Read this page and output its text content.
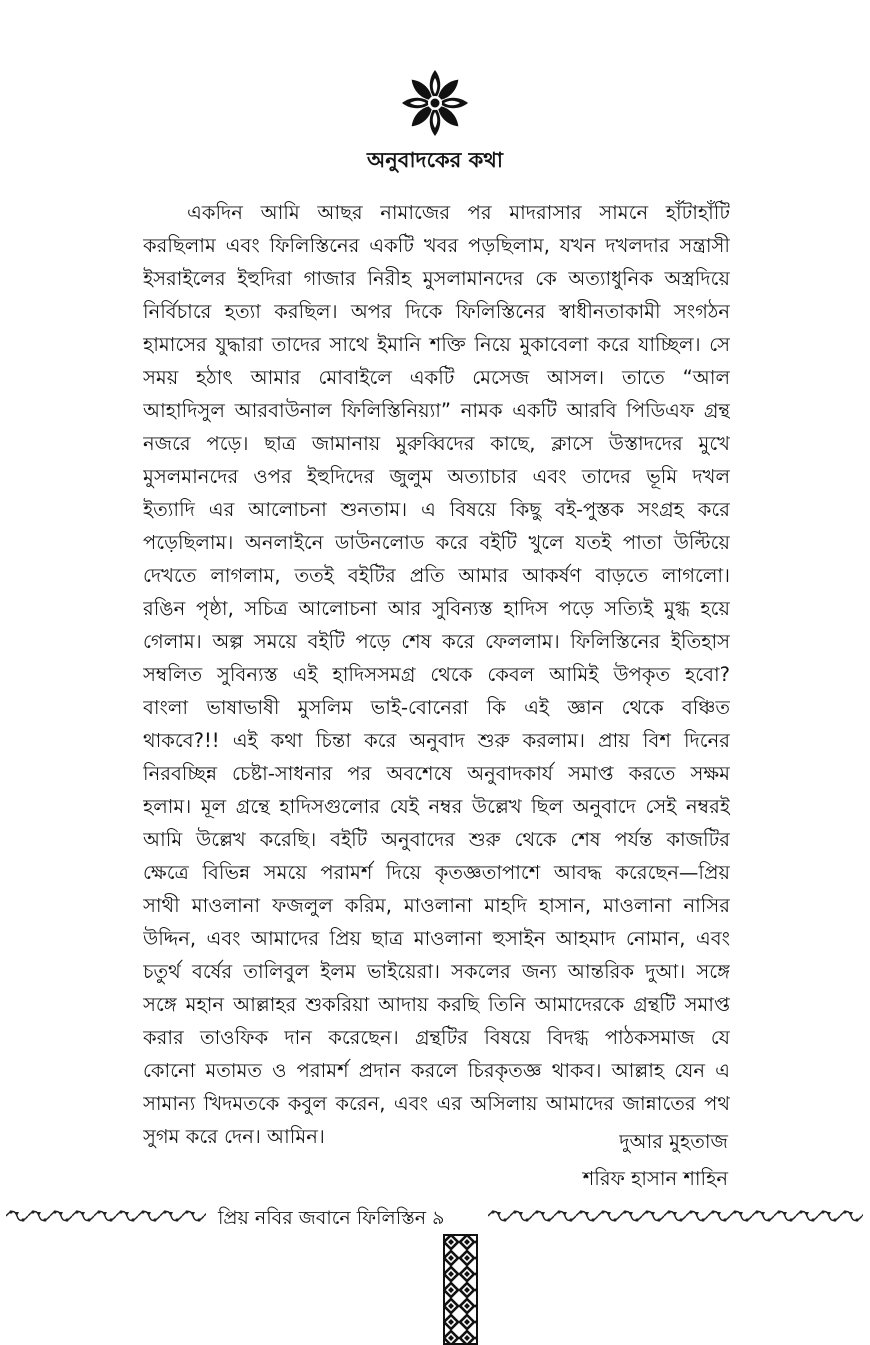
অনুবাদকের কথা
একদিন আমি আছর নামাজের পর মাদরাসার সামনে হাঁটাহাঁটি
করছিলাম এবং ফিলিস্তিনের একটি খবর পড়ছিলাম, যখন দখলদার সন্ত্রাসী
ইসরাইলের ইহুদিরা গাজার নিরীহ মুসলামানদের কে অত্যাধুনিক অস্ত্রদিয়ে
নির্বিচারে হত্যা করছিল। অপর দিকে ফিলিস্তিনের স্বাধীনতাকামী সংগঠন
হামাসের যুদ্ধারা তাদের সাথে ইমানি শক্তি নিয়ে মুকাবেলা করে যাচ্ছিল। সে
সময় হঠাৎ আমার মোবাইলে একটি মেসেজ আসল। তাতে “আল
আহাদিসুল আরবাউনাল ফিলিস্তিনিয়্যা” নামক একটি আরবি পিডিএফ গ্রন্থ
নজরে পড়ে। ছাত্র জামানায় মুরুব্বিদের কাছে, ক্লাসে উস্তাদদের মুখে
মুসলমানদের ওপর ইহুদিদের জুলুম অত্যাচার এবং তাদের ভূমি দখল
ইত্যাদি এর আলোচনা শুনতাম। এ বিষয়ে কিছু বই-পুস্তক সংগ্রহ করে
পড়েছিলাম। অনলাইনে ডাউনলোড করে বইটি খুলে যতই পাতা উল্টিয়ে
দেখতে লাগলাম, ততই বইটির প্রতি আমার আকর্ষণ বাড়তে লাগলো।
রঙিন পৃষ্ঠা, সচিত্র আলোচনা আর সুবিন্যস্ত হাদিস পড়ে সত্যিই মুগ্ধ হয়ে
গেলাম। অল্প সময়ে বইটি পড়ে শেষ করে ফেললাম। ফিলিস্তিনের ইতিহাস
সম্বলিত সুবিন্যস্ত এই হাদিসসমগ্র থেকে কেবল আমিই উপকৃত হবো?
বাংলা ভাষাভাষী মুসলিম ভাই-বোনেরা কি এই জ্ঞান থেকে বঞ্চিত
থাকবে?!! এই কথা চিন্তা করে অনুবাদ শুরু করলাম। প্রায় বিশ দিনের
নিরবচ্ছিন্ন চেষ্টা-সাধনার পর অবশেষে অনুবাদকার্য সমাপ্ত করতে সক্ষম
হলাম। মূল গ্রন্থে হাদিসগুলোর যেই নম্বর উল্লেখ ছিল অনুবাদে সেই নম্বরই
আমি উল্লেখ করেছি। বইটি অনুবাদের শুরু থেকে শেষ পর্যন্ত কাজটির
ক্ষেত্রে বিভিন্ন সময়ে পরামর্শ দিয়ে কৃতজ্ঞতাপাশে আবদ্ধ করেছেন—প্রিয়
সাথী মাওলানা ফজলুল করিম, মাওলানা মাহদি হাসান, মাওলানা নাসির
উদ্দিন, এবং আমাদের প্রিয় ছাত্র মাওলানা হুসাইন আহমাদ নোমান, এবং
চতুর্থ বর্ষের তালিবুল ইলম ভাইয়েরা। সকলের জন্য আন্তরিক দুআ। সঙ্গে
সঙ্গে মহান আল্লাহর শুকরিয়া আদায় করছি তিনি আমাদেরকে গ্রন্থটি সমাপ্ত
করার তাওফিক দান করেছেন। গ্রন্থটির বিষয়ে বিদগ্ধ পাঠকসমাজ যে
কোনো মতামত ও পরামর্শ প্রদান করলে চিরকৃতজ্ঞ থাকব। আল্লাহ যেন এ
সামান্য খিদমতকে কবুল করেন, এবং এর অসিলায় আমাদের জান্নাতের পথ
সুগম করে দেন। আমিন।	দুআর মুহতাজ
শরিফ হাসান শাহিন
প্রিয় নবির জবানে ফিলিস্তিন ৯
